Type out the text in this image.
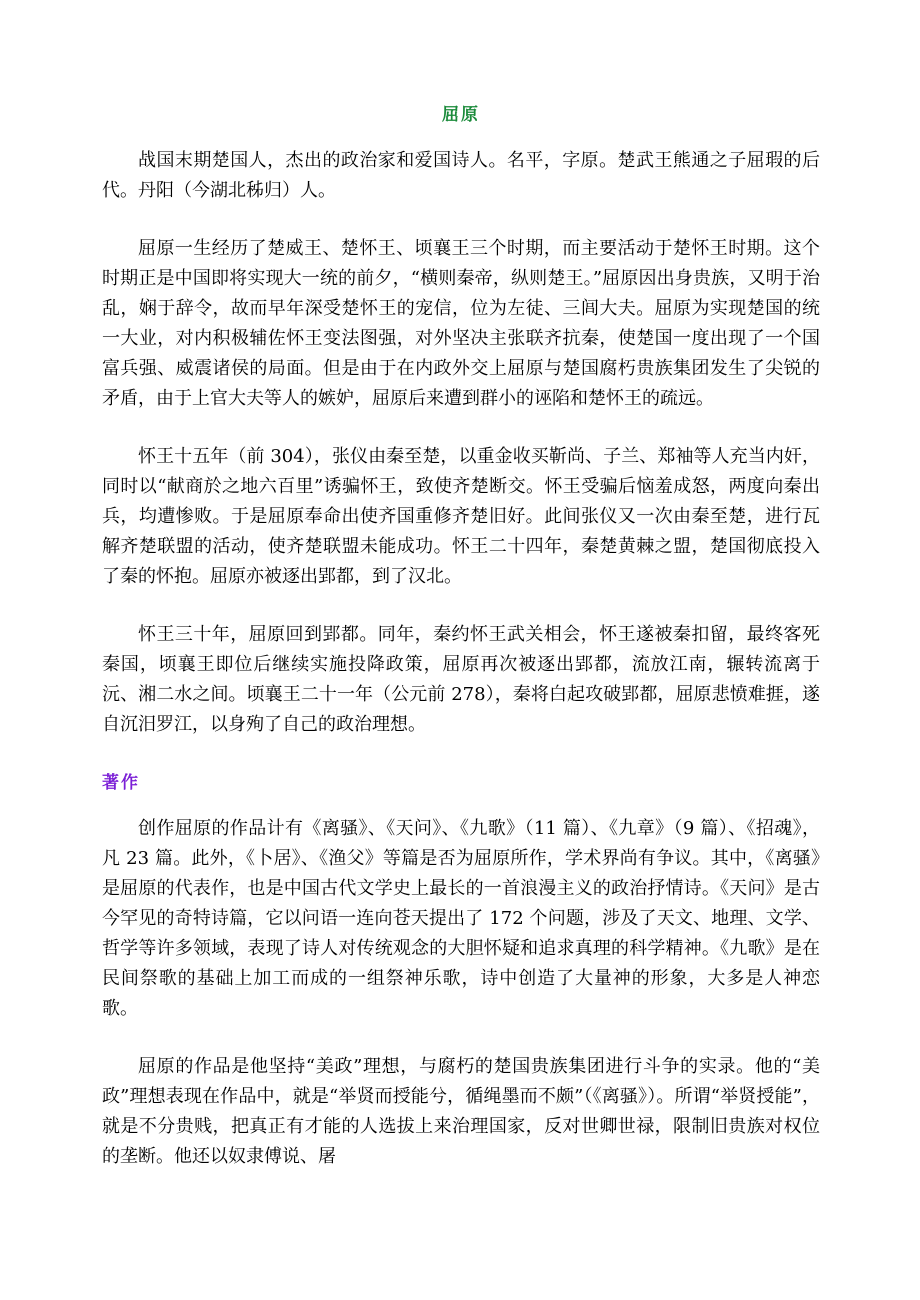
屈原

战国末期楚国人，杰出的政治家和爱国诗人。名平，字原。楚武王熊通之子屈瑕的后代。丹阳（今湖北秭归）人。

屈原一生经历了楚威王、楚怀王、顷襄王三个时期，而主要活动于楚怀王时期。这个时期正是中国即将实现大一统的前夕，“横则秦帝，纵则楚王。”屈原因出身贵族，又明于治乱，娴于辞令，故而早年深受楚怀王的宠信，位为左徒、三闾大夫。屈原为实现楚国的统一大业，对内积极辅佐怀王变法图强，对外坚决主张联齐抗秦，使楚国一度出现了一个国富兵强、威震诸侯的局面。但是由于在内政外交上屈原与楚国腐朽贵族集团发生了尖锐的矛盾，由于上官大夫等人的嫉妒，屈原后来遭到群小的诬陷和楚怀王的疏远。

怀王十五年（前 304），张仪由秦至楚，以重金收买靳尚、子兰、郑袖等人充当内奸，同时以“献商於之地六百里”诱骗怀王，致使齐楚断交。怀王受骗后恼羞成怒，两度向秦出兵，均遭惨败。于是屈原奉命出使齐国重修齐楚旧好。此间张仪又一次由秦至楚，进行瓦解齐楚联盟的活动，使齐楚联盟未能成功。怀王二十四年，秦楚黄棘之盟，楚国彻底投入了秦的怀抱。屈原亦被逐出郢都，到了汉北。

怀王三十年，屈原回到郢都。同年，秦约怀王武关相会，怀王遂被秦扣留，最终客死秦国，顷襄王即位后继续实施投降政策，屈原再次被逐出郢都，流放江南，辗转流离于沅、湘二水之间。顷襄王二十一年（公元前 278），秦将白起攻破郢都，屈原悲愤难捱，遂自沉汨罗江，以身殉了自己的政治理想。

著作

创作屈原的作品计有《离骚》、《天问》、《九歌》（11 篇）、《九章》（9 篇）、《招魂》，凡 23 篇。此外，《卜居》、《渔父》等篇是否为屈原所作，学术界尚有争议。其中，《离骚》是屈原的代表作，也是中国古代文学史上最长的一首浪漫主义的政治抒情诗。《天问》是古今罕见的奇特诗篇，它以问语一连向苍天提出了 172 个问题，涉及了天文、地理、文学、哲学等许多领域，表现了诗人对传统观念的大胆怀疑和追求真理的科学精神。《九歌》是在民间祭歌的基础上加工而成的一组祭神乐歌，诗中创造了大量神的形象，大多是人神恋歌。

屈原的作品是他坚持“美政”理想，与腐朽的楚国贵族集团进行斗争的实录。他的“美政”理想表现在作品中，就是“举贤而授能兮，循绳墨而不颇”（《离骚》）。所谓“举贤授能”，就是不分贵贱，把真正有才能的人选拔上来治理国家，反对世卿世禄，限制旧贵族对权位的垄断。他还以奴隶傅说、屠
